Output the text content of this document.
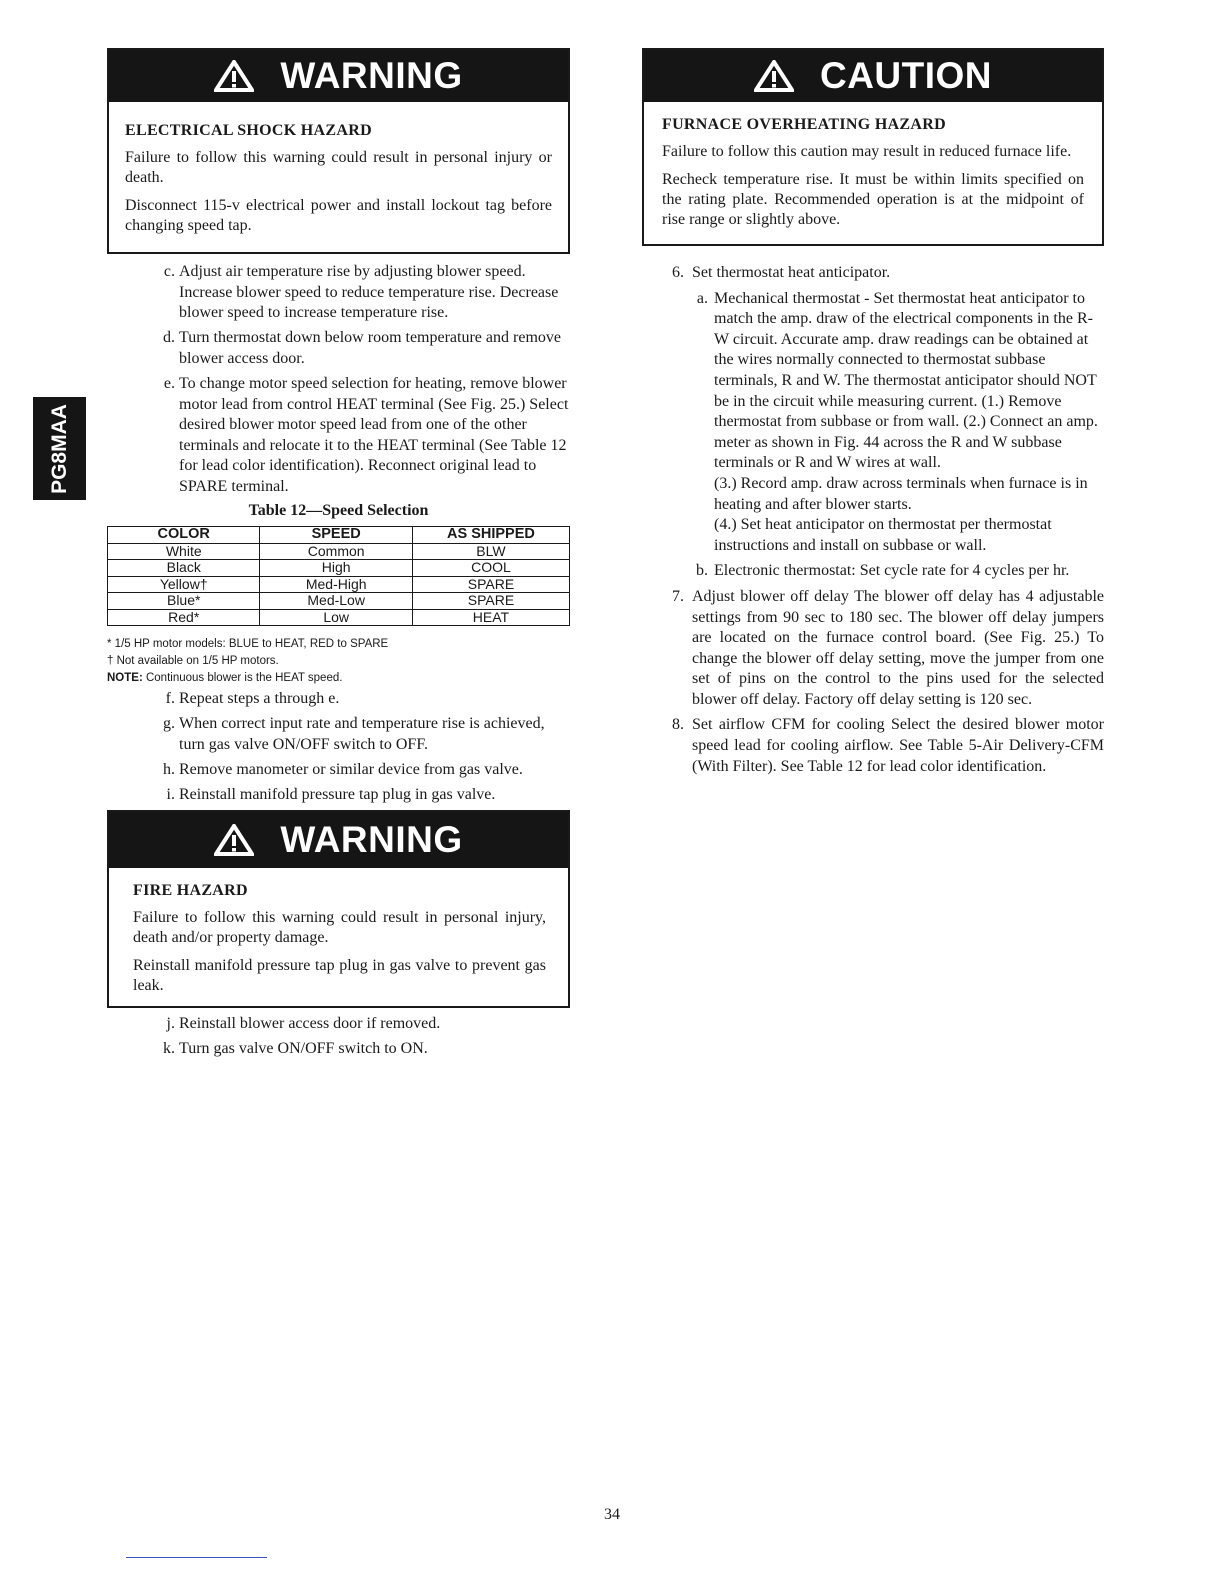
PG8MAA
WARNING

ELECTRICAL SHOCK HAZARD

Failure to follow this warning could result in personal injury or death.

Disconnect 115-v electrical power and install lockout tag before changing speed tap.

c. Adjust air temperature rise by adjusting blower speed. Increase blower speed to reduce temperature rise. Decrease blower speed to increase temperature rise.
d. Turn thermostat down below room temperature and remove blower access door.
e. To change motor speed selection for heating, remove blower motor lead from control HEAT terminal (See Fig. 25.) Select desired blower motor speed lead from one of the other terminals and relocate it to the HEAT terminal (See Table 12 for lead color identification). Reconnect original lead to SPARE terminal.
Table 12—Speed Selection
COLOR	SPEED	AS SHIPPED
White	Common	BLW
Black	High	COOL
Yellow†	Med-High	SPARE
Blue*	Med-Low	SPARE
Red*	Low	HEAT
* 1/5 HP motor models: BLUE to HEAT, RED to SPARE
† Not available on 1/5 HP motors.
NOTE: Continuous blower is the HEAT speed.
f. Repeat steps a through e.
g. When correct input rate and temperature rise is achieved, turn gas valve ON/OFF switch to OFF.
h. Remove manometer or similar device from gas valve.
i. Reinstall manifold pressure tap plug in gas valve.
WARNING

FIRE HAZARD

Failure to follow this warning could result in personal injury, death and/or property damage.

Reinstall manifold pressure tap plug in gas valve to prevent gas leak.

j. Reinstall blower access door if removed.
k. Turn gas valve ON/OFF switch to ON.
CAUTION

FURNACE OVERHEATING HAZARD

Failure to follow this caution may result in reduced furnace life.

Recheck temperature rise. It must be within limits specified on the rating plate. Recommended operation is at the midpoint of rise range or slightly above.

6. Set thermostat heat anticipator.
a. Mechanical thermostat - Set thermostat heat anticipator to match the amp. draw of the electrical components in the R-W circuit. Accurate amp. draw readings can be obtained at the wires normally connected to thermostat subbase terminals, R and W. The thermostat anticipator should NOT be in the circuit while measuring current. (1.) Remove thermostat from subbase or from wall. (2.) Connect an amp. meter as shown in Fig. 44 across the R and W subbase terminals or R and W wires at wall.
(3.) Record amp. draw across terminals when furnace is in heating and after blower starts.
(4.) Set heat anticipator on thermostat per thermostat instructions and install on subbase or wall.
b. Electronic thermostat: Set cycle rate for 4 cycles per hr.
7. Adjust blower off delay The blower off delay has 4 adjustable settings from 90 sec to 180 sec. The blower off delay jumpers are located on the furnace control board. (See Fig. 25.) To change the blower off delay setting, move the jumper from one set of pins on the control to the pins used for the selected blower off delay. Factory off delay setting is 120 sec.
8. Set airflow CFM for cooling Select the desired blower motor speed lead for cooling airflow. See Table 5-Air Delivery-CFM (With Filter). See Table 12 for lead color identification.
34
